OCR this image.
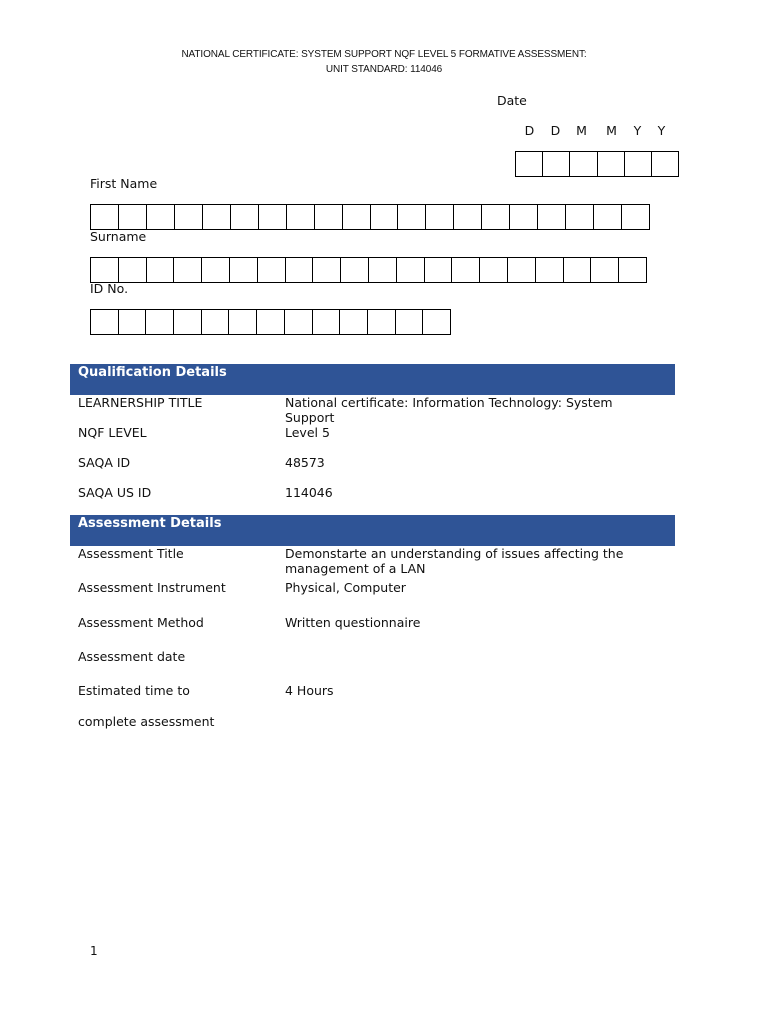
NATIONAL CERTIFICATE: SYSTEM SUPPORT NQF LEVEL 5 FORMATIVE ASSESSMENT:
UNIT STANDARD: 114046
Date
D	D	M	M	Y	Y
First Name
Surname
ID No.
Qualification Details
LEARNERSHIP TITLE	National certificate: Information Technology: System Support
NQF LEVEL	Level 5
SAQA ID	48573
SAQA US ID	114046
Assessment Details
Assessment Title	Demonstarte an understanding of issues affecting the management of a LAN
Assessment Instrument	Physical, Computer
Assessment Method	Written questionnaire
Assessment date
Estimated time to	4 Hours
complete assessment
1
